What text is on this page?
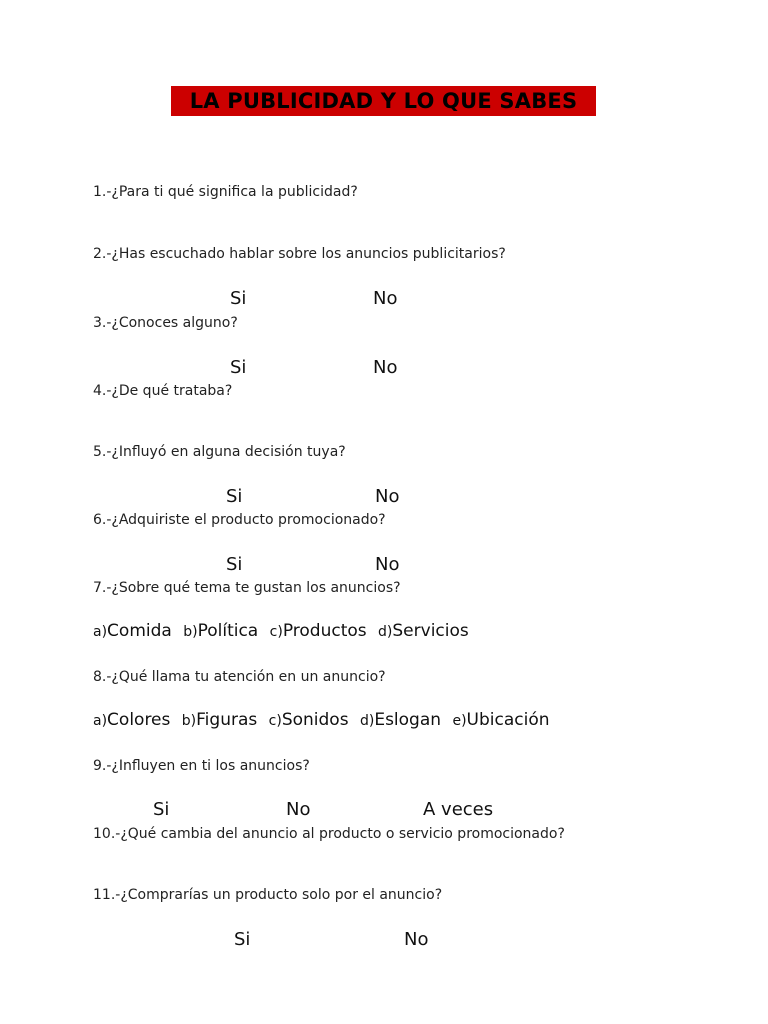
LA PUBLICIDAD Y LO QUE SABES
1.-¿Para ti qué significa la publicidad?
2.-¿Has escuchado hablar sobre los anuncios publicitarios?
Si	No
3.-¿Conoces alguno?
Si	No
4.-¿De qué trataba?
5.-¿Influyó en alguna decisión tuya?
Si	No
6.-¿Adquiriste el producto promocionado?
Si	No
7.-¿Sobre qué tema te gustan los anuncios?
a)Comida b)Política c)Productos d)Servicios
8.-¿Qué llama tu atención en un anuncio?
a)Colores b)Figuras c)Sonidos d)Eslogan e)Ubicación
9.-¿Influyen en ti los anuncios?
Si	No	A veces
10.-¿Qué cambia del anuncio al producto o servicio promocionado?
11.-¿Comprarías un producto solo por el anuncio?
Si	No
